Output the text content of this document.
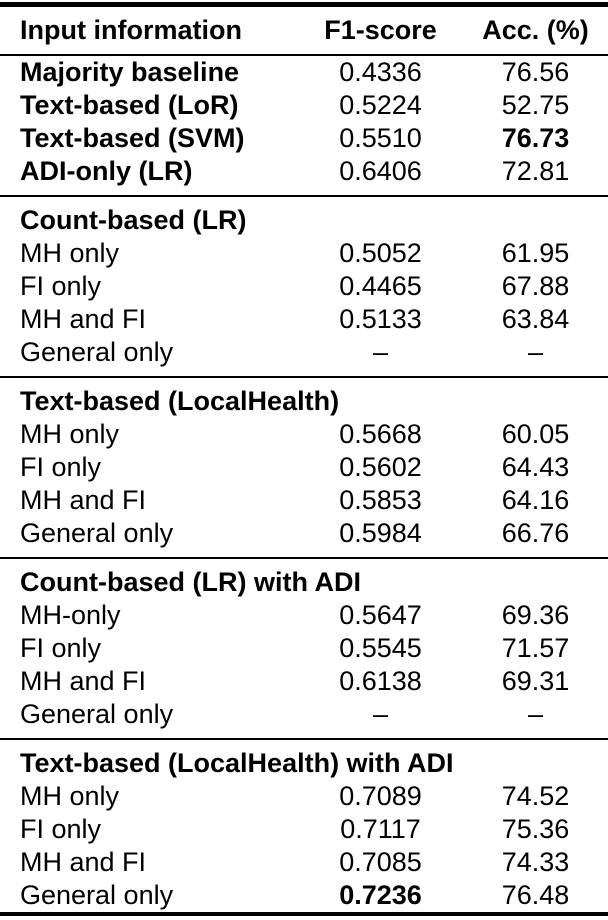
Input information	F1-score	Acc. (%)
Majority baseline	0.4336	76.56
Text-based (LoR)	0.5224	52.75
Text-based (SVM)	0.5510	76.73
ADI-only (LR)	0.6406	72.81
Count-based (LR)
MH only	0.5052	61.95
FI only	0.4465	67.88
MH and FI	0.5133	63.84
General only	–	–
Text-based (LocalHealth)
MH only	0.5668	60.05
FI only	0.5602	64.43
MH and FI	0.5853	64.16
General only	0.5984	66.76
Count-based (LR) with ADI
MH-only	0.5647	69.36
FI only	0.5545	71.57
MH and FI	0.6138	69.31
General only	–	–
Text-based (LocalHealth) with ADI
MH only	0.7089	74.52
FI only	0.7117	75.36
MH and FI	0.7085	74.33
General only	0.7236	76.48
